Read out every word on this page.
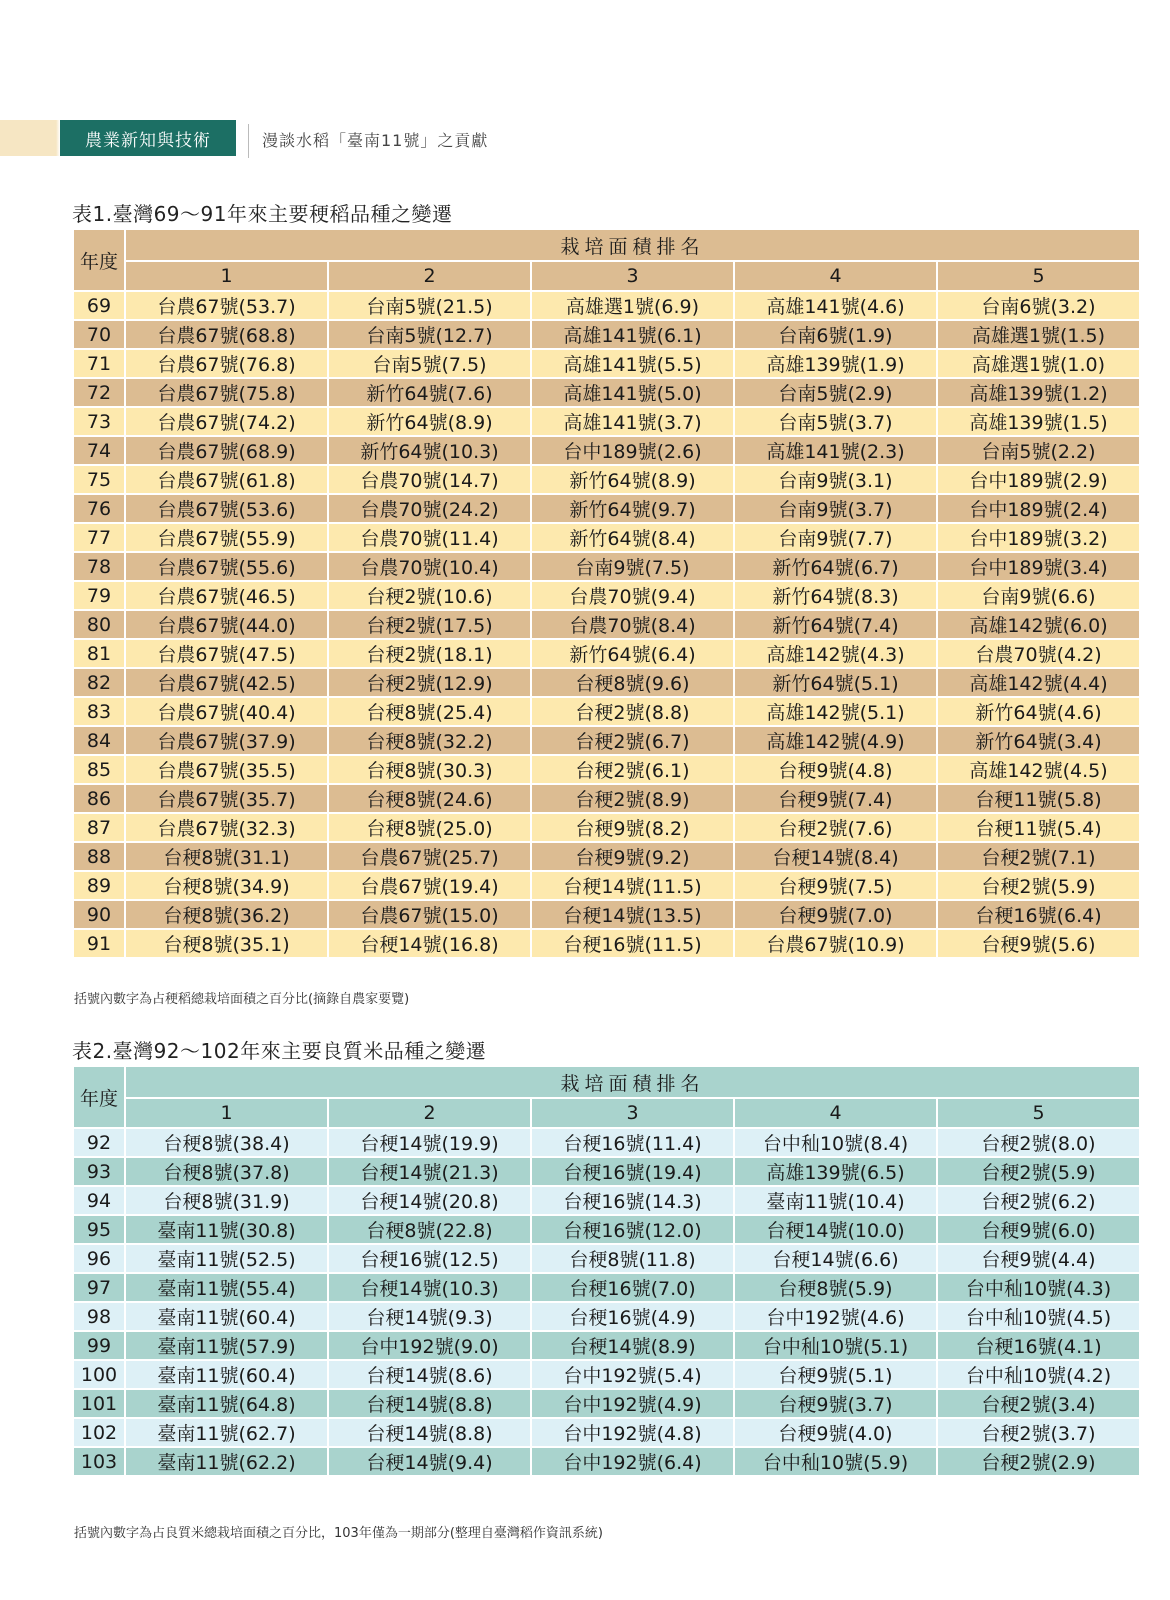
農業新知與技術	漫談水稻「臺南11號」之貢獻
表1.臺灣69～91年來主要稉稻品種之變遷
年度	栽培面積排名				
	1	2	3	4	5
69	台農67號(53.7)	台南5號(21.5)	高雄選1號(6.9)	高雄141號(4.6)	台南6號(3.2)
70	台農67號(68.8)	台南5號(12.7)	高雄141號(6.1)	台南6號(1.9)	高雄選1號(1.5)
71	台農67號(76.8)	台南5號(7.5)	高雄141號(5.5)	高雄139號(1.9)	高雄選1號(1.0)
72	台農67號(75.8)	新竹64號(7.6)	高雄141號(5.0)	台南5號(2.9)	高雄139號(1.2)
73	台農67號(74.2)	新竹64號(8.9)	高雄141號(3.7)	台南5號(3.7)	高雄139號(1.5)
74	台農67號(68.9)	新竹64號(10.3)	台中189號(2.6)	高雄141號(2.3)	台南5號(2.2)
75	台農67號(61.8)	台農70號(14.7)	新竹64號(8.9)	台南9號(3.1)	台中189號(2.9)
76	台農67號(53.6)	台農70號(24.2)	新竹64號(9.7)	台南9號(3.7)	台中189號(2.4)
77	台農67號(55.9)	台農70號(11.4)	新竹64號(8.4)	台南9號(7.7)	台中189號(3.2)
78	台農67號(55.6)	台農70號(10.4)	台南9號(7.5)	新竹64號(6.7)	台中189號(3.4)
79	台農67號(46.5)	台稉2號(10.6)	台農70號(9.4)	新竹64號(8.3)	台南9號(6.6)
80	台農67號(44.0)	台稉2號(17.5)	台農70號(8.4)	新竹64號(7.4)	高雄142號(6.0)
81	台農67號(47.5)	台稉2號(18.1)	新竹64號(6.4)	高雄142號(4.3)	台農70號(4.2)
82	台農67號(42.5)	台稉2號(12.9)	台稉8號(9.6)	新竹64號(5.1)	高雄142號(4.4)
83	台農67號(40.4)	台稉8號(25.4)	台稉2號(8.8)	高雄142號(5.1)	新竹64號(4.6)
84	台農67號(37.9)	台稉8號(32.2)	台稉2號(6.7)	高雄142號(4.9)	新竹64號(3.4)
85	台農67號(35.5)	台稉8號(30.3)	台稉2號(6.1)	台稉9號(4.8)	高雄142號(4.5)
86	台農67號(35.7)	台稉8號(24.6)	台稉2號(8.9)	台稉9號(7.4)	台稉11號(5.8)
87	台農67號(32.3)	台稉8號(25.0)	台稉9號(8.2)	台稉2號(7.6)	台稉11號(5.4)
88	台稉8號(31.1)	台農67號(25.7)	台稉9號(9.2)	台稉14號(8.4)	台稉2號(7.1)
89	台稉8號(34.9)	台農67號(19.4)	台稉14號(11.5)	台稉9號(7.5)	台稉2號(5.9)
90	台稉8號(36.2)	台農67號(15.0)	台稉14號(13.5)	台稉9號(7.0)	台稉16號(6.4)
91	台稉8號(35.1)	台稉14號(16.8)	台稉16號(11.5)	台農67號(10.9)	台稉9號(5.6)
括號內數字為占稉稻總栽培面積之百分比(摘錄自農家要覽)
表2.臺灣92～102年來主要良質米品種之變遷
年度	栽培面積排名				
	1	2	3	4	5
92	台稉8號(38.4)	台稉14號(19.9)	台稉16號(11.4)	台中秈10號(8.4)	台稉2號(8.0)
93	台稉8號(37.8)	台稉14號(21.3)	台稉16號(19.4)	高雄139號(6.5)	台稉2號(5.9)
94	台稉8號(31.9)	台稉14號(20.8)	台稉16號(14.3)	臺南11號(10.4)	台稉2號(6.2)
95	臺南11號(30.8)	台稉8號(22.8)	台稉16號(12.0)	台稉14號(10.0)	台稉9號(6.0)
96	臺南11號(52.5)	台稉16號(12.5)	台稉8號(11.8)	台稉14號(6.6)	台稉9號(4.4)
97	臺南11號(55.4)	台稉14號(10.3)	台稉16號(7.0)	台稉8號(5.9)	台中秈10號(4.3)
98	臺南11號(60.4)	台稉14號(9.3)	台稉16號(4.9)	台中192號(4.6)	台中秈10號(4.5)
99	臺南11號(57.9)	台中192號(9.0)	台稉14號(8.9)	台中秈10號(5.1)	台稉16號(4.1)
100	臺南11號(60.4)	台稉14號(8.6)	台中192號(5.4)	台稉9號(5.1)	台中秈10號(4.2)
101	臺南11號(64.8)	台稉14號(8.8)	台中192號(4.9)	台稉9號(3.7)	台稉2號(3.4)
102	臺南11號(62.7)	台稉14號(8.8)	台中192號(4.8)	台稉9號(4.0)	台稉2號(3.7)
103	臺南11號(62.2)	台稉14號(9.4)	台中192號(6.4)	台中秈10號(5.9)	台稉2號(2.9)
括號內數字為占良質米總栽培面積之百分比，103年僅為一期部分(整理自臺灣稻作資訊系統)
